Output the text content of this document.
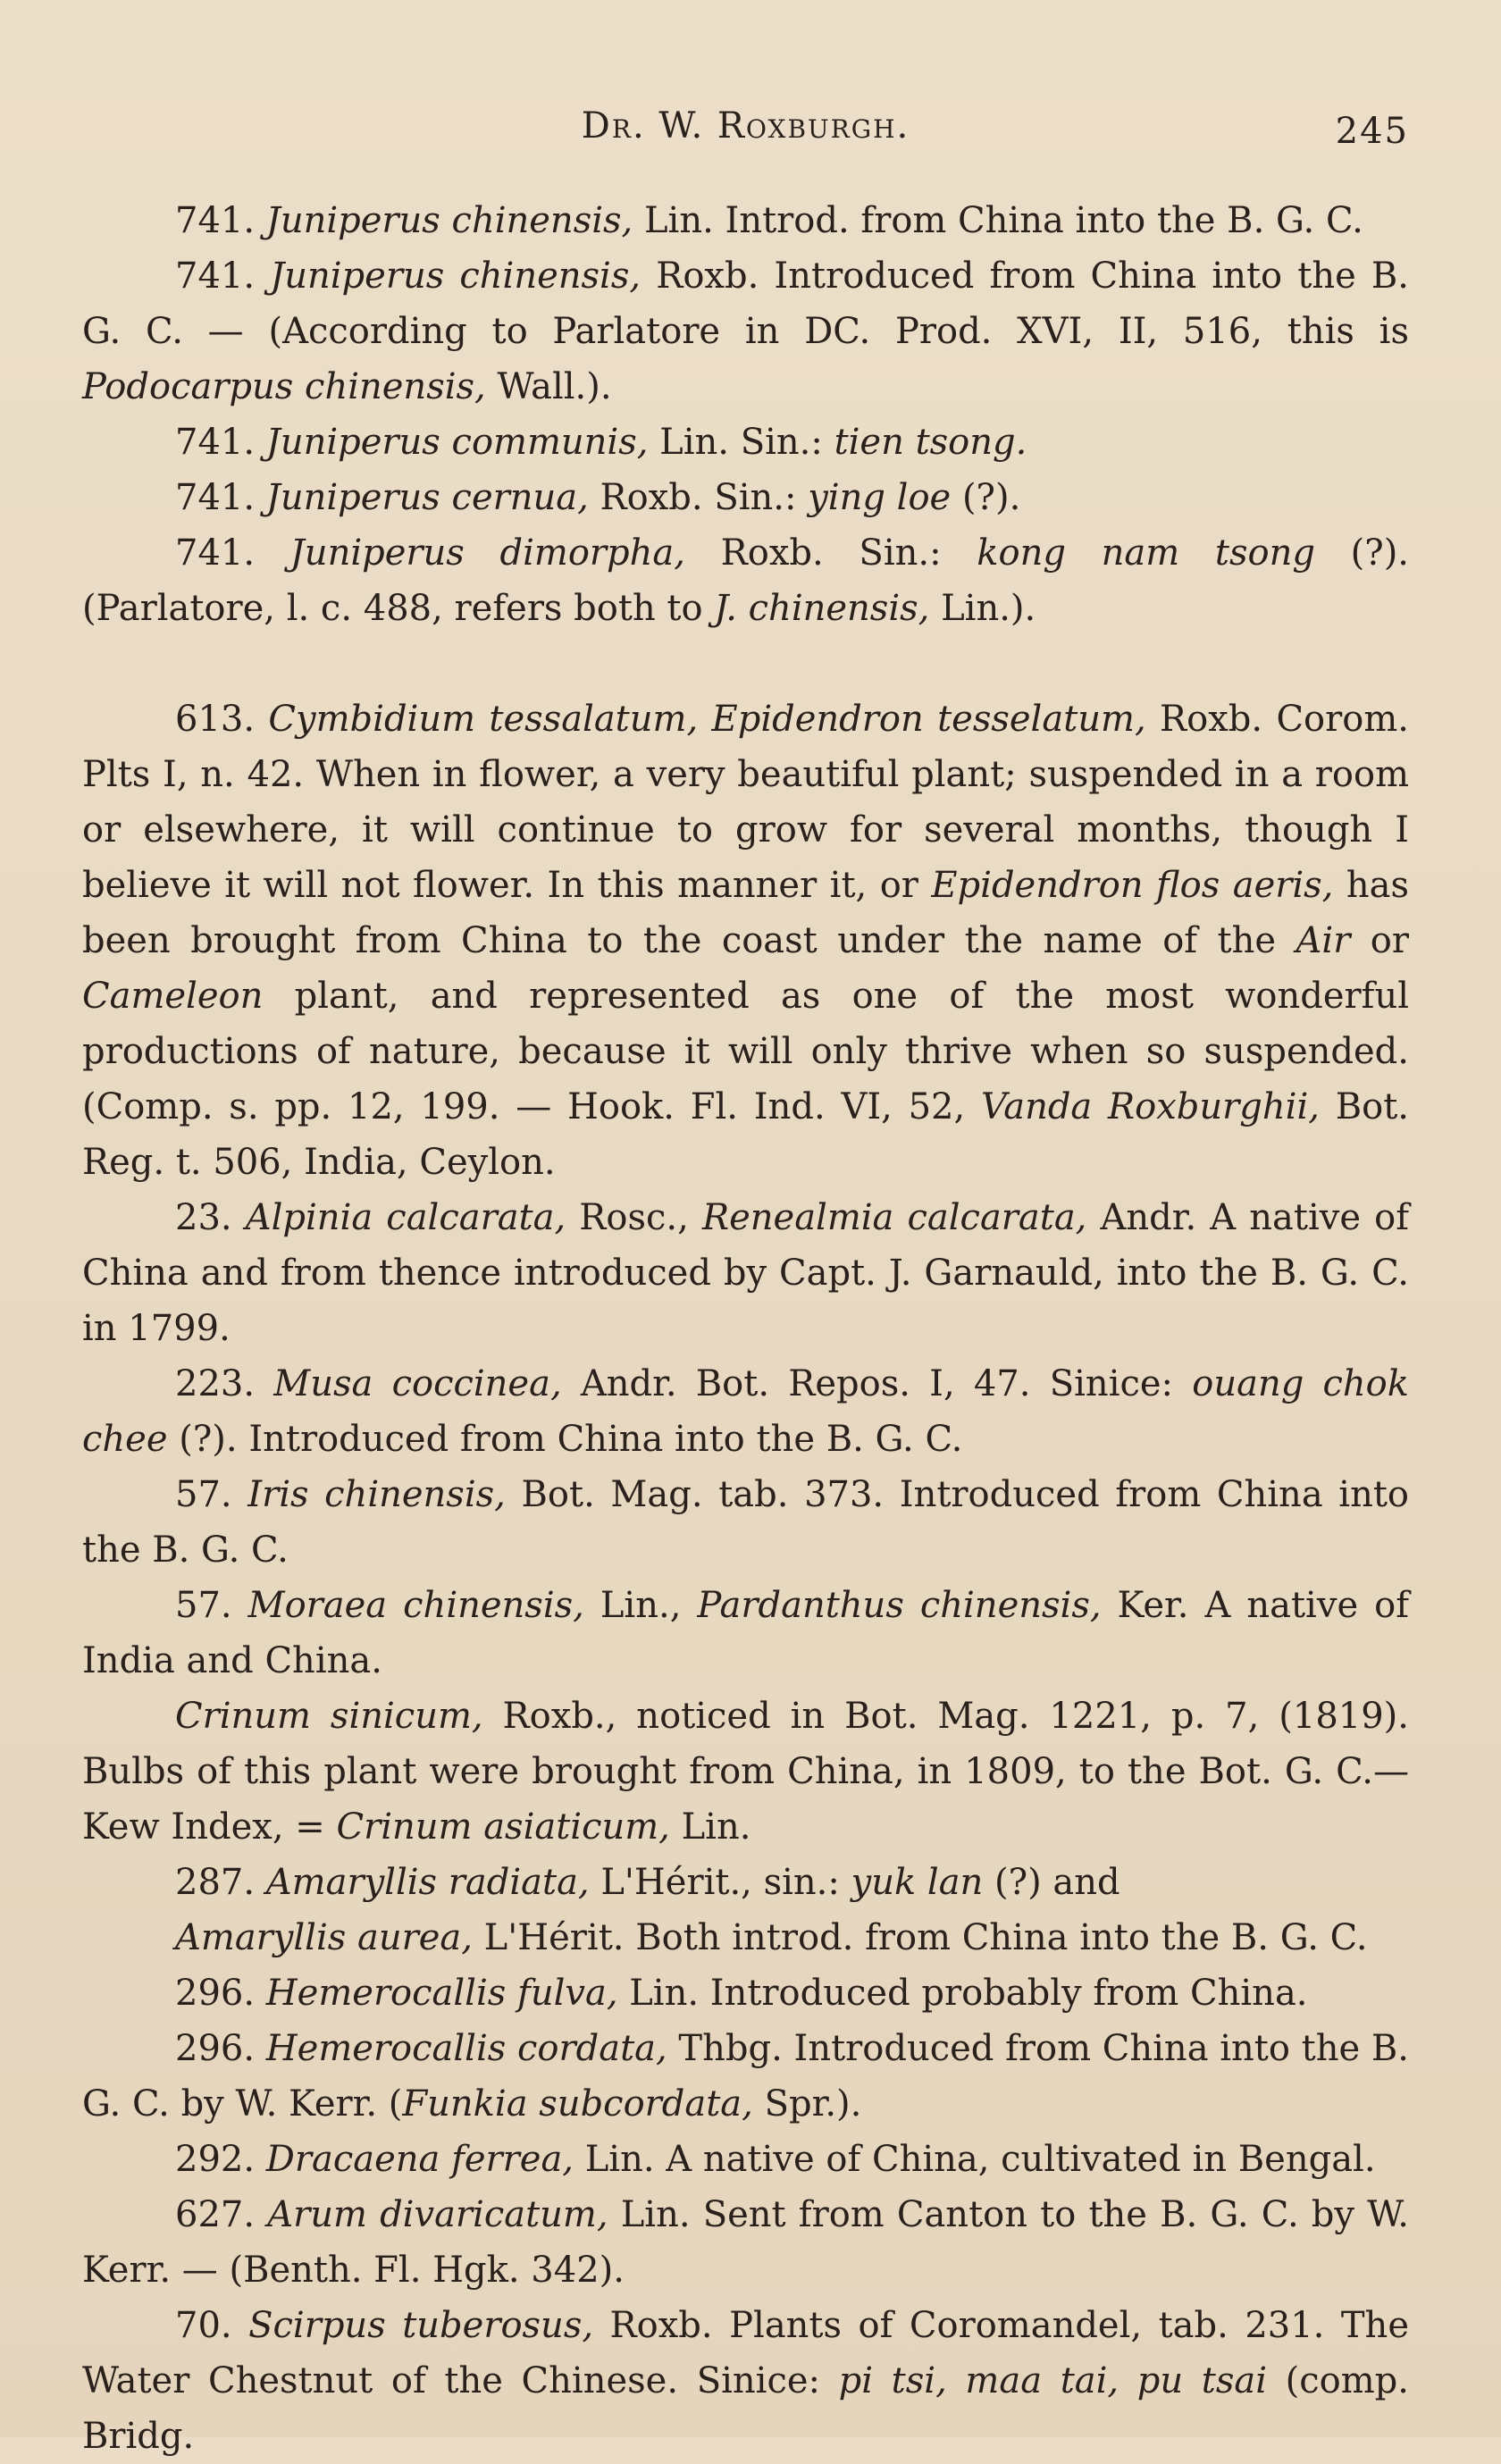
Dr. W. Roxburgh.	245

741. Juniperus chinensis, Lin. Introd. from China into the B. G. C.

741. Juniperus chinensis, Roxb. Introduced from China into the B. G. C. — (According to Parlatore in DC. Prod. XVI, II, 516, this is Podocarpus chinensis, Wall.).

741. Juniperus communis, Lin. Sin.: tien tsong.

741. Juniperus cernua, Roxb. Sin.: ying loe (?).

741. Juniperus dimorpha, Roxb. Sin.: kong nam tsong (?). (Parlatore, l. c. 488, refers both to J. chinensis, Lin.).

613. Cymbidium tessalatum, Epidendron tesselatum, Roxb. Corom. Plts I, n. 42. When in flower, a very beautiful plant; suspended in a room or elsewhere, it will continue to grow for several months, though I believe it will not flower. In this manner it, or Epidendron flos aeris, has been brought from China to the coast under the name of the Air or Cameleon plant, and represented as one of the most wonderful productions of nature, because it will only thrive when so suspended. (Comp. s. pp. 12, 199. — Hook. Fl. Ind. VI, 52, Vanda Roxburghii, Bot. Reg. t. 506, India, Ceylon.

23. Alpinia calcarata, Rosc., Renealmia calcarata, Andr. A native of China and from thence introduced by Capt. J. Garnauld, into the B. G. C. in 1799.

223. Musa coccinea, Andr. Bot. Repos. I, 47. Sinice: ouang chok chee (?). Introduced from China into the B. G. C.

57. Iris chinensis, Bot. Mag. tab. 373. Introduced from China into the B. G. C.

57. Moraea chinensis, Lin., Pardanthus chinensis, Ker. A native of India and China.

Crinum sinicum, Roxb., noticed in Bot. Mag. 1221, p. 7, (1819). Bulbs of this plant were brought from China, in 1809, to the Bot. G. C.— Kew Index, = Crinum asiaticum, Lin.

287. Amaryllis radiata, L'Hérit., sin.: yuk lan (?) and

Amaryllis aurea, L'Hérit. Both introd. from China into the B. G. C.

296. Hemerocallis fulva, Lin. Introduced probably from China.

296. Hemerocallis cordata, Thbg. Introduced from China into the B. G. C. by W. Kerr. (Funkia subcordata, Spr.).

292. Dracaena ferrea, Lin. A native of China, cultivated in Bengal.

627. Arum divaricatum, Lin. Sent from Canton to the B. G. C. by W. Kerr. — (Benth. Fl. Hgk. 342).

70. Scirpus tuberosus, Roxb. Plants of Coromandel, tab. 231. The Water Chestnut of the Chinese. Sinice: pi tsi, maa tai, pu tsai (comp. Bridg.
